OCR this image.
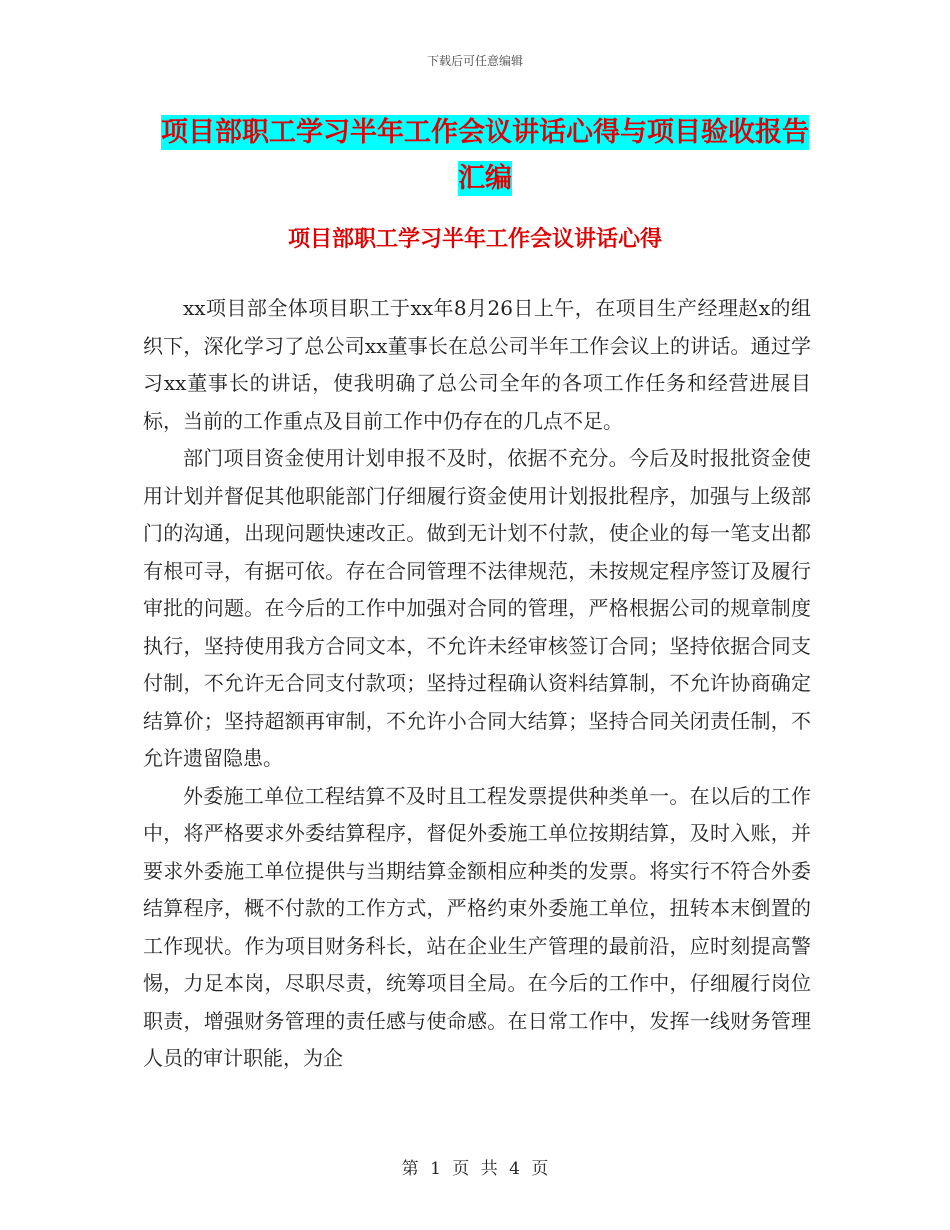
下载后可任意编辑
项目部职工学习半年工作会议讲话心得与项目验收报告汇编
项目部职工学习半年工作会议讲话心得

xx项目部全体项目职工于xx年8月26日上午，在项目生产经理赵x的组织下，深化学习了总公司xx董事长在总公司半年工作会议上的讲话。通过学习xx董事长的讲话，使我明确了总公司全年的各项工作任务和经营进展目标，当前的工作重点及目前工作中仍存在的几点不足。

部门项目资金使用计划申报不及时，依据不充分。今后及时报批资金使用计划并督促其他职能部门仔细履行资金使用计划报批程序，加强与上级部门的沟通，出现问题快速改正。做到无计划不付款，使企业的每一笔支出都有根可寻，有据可依。存在合同管理不法律规范，未按规定程序签订及履行审批的问题。在今后的工作中加强对合同的管理，严格根据公司的规章制度执行，坚持使用我方合同文本，不允许未经审核签订合同；坚持依据合同支付制，不允许无合同支付款项；坚持过程确认资料结算制，不允许协商确定结算价；坚持超额再审制，不允许小合同大结算；坚持合同关闭责任制，不允许遗留隐患。

外委施工单位工程结算不及时且工程发票提供种类单一。在以后的工作中，将严格要求外委结算程序，督促外委施工单位按期结算，及时入账，并要求外委施工单位提供与当期结算金额相应种类的发票。将实行不符合外委结算程序，概不付款的工作方式，严格约束外委施工单位，扭转本末倒置的工作现状。作为项目财务科长，站在企业生产管理的最前沿，应时刻提高警惕，力足本岗，尽职尽责，统筹项目全局。在今后的工作中，仔细履行岗位职责，增强财务管理的责任感与使命感。在日常工作中，发挥一线财务管理人员的审计职能，为企

第 1 页 共 4 页
